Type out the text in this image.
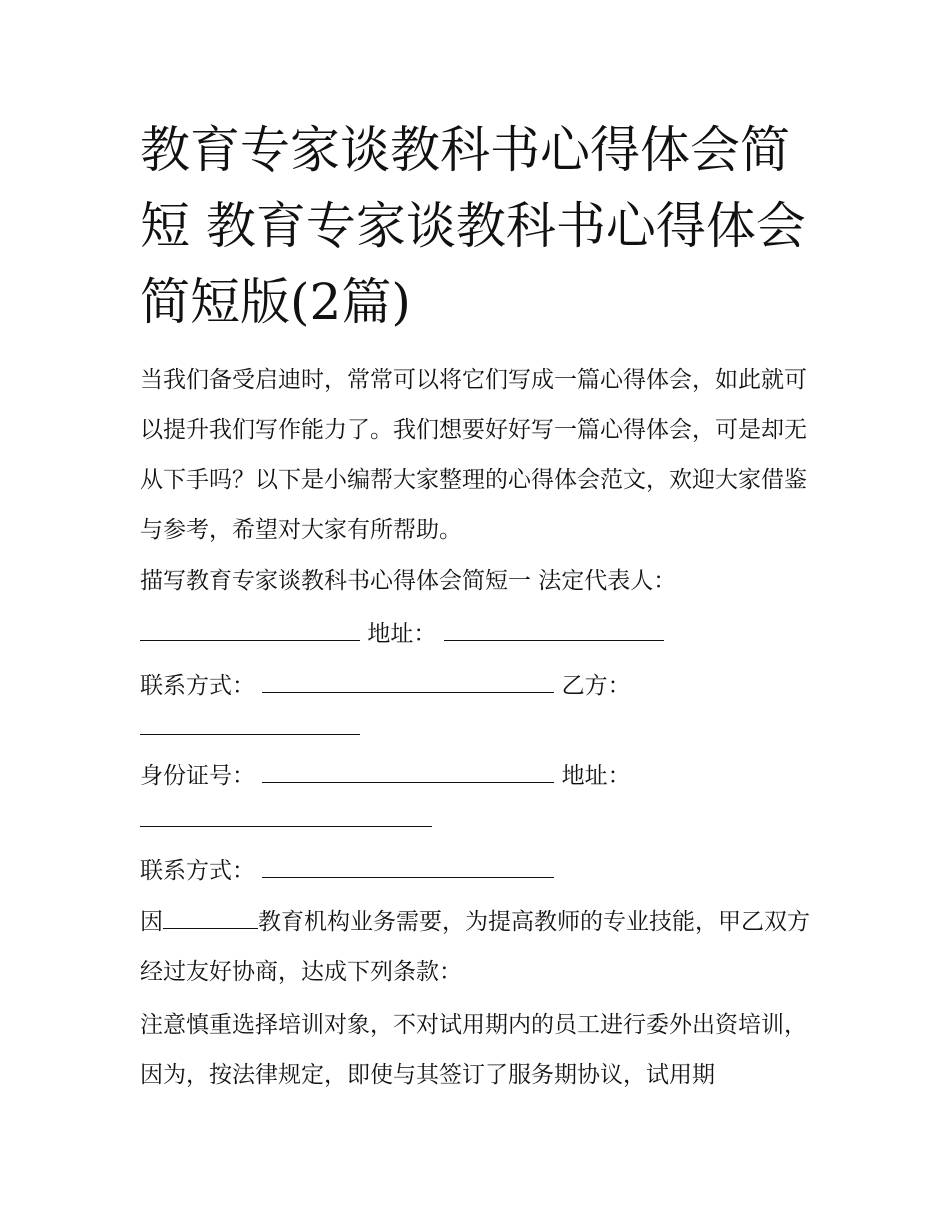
教育专家谈教科书心得体会简短 教育专家谈教科书心得体会简短版(2篇)

当我们备受启迪时，常常可以将它们写成一篇心得体会，如此就可以提升我们写作能力了。我们想要好好写一篇心得体会，可是却无从下手吗？以下是小编帮大家整理的心得体会范文，欢迎大家借鉴与参考，希望对大家有所帮助。

描写教育专家谈教科书心得体会简短一 法定代表人：
地址：
联系方式：	乙方：
身份证号：	地址：
联系方式：

因	教育机构业务需要，为提高教师的专业技能，甲乙双方经过友好协商，达成下列条款：

注意慎重选择培训对象，不对试用期内的员工进行委外出资培训，因为，按法律规定，即使与其签订了服务期协议，试用期
